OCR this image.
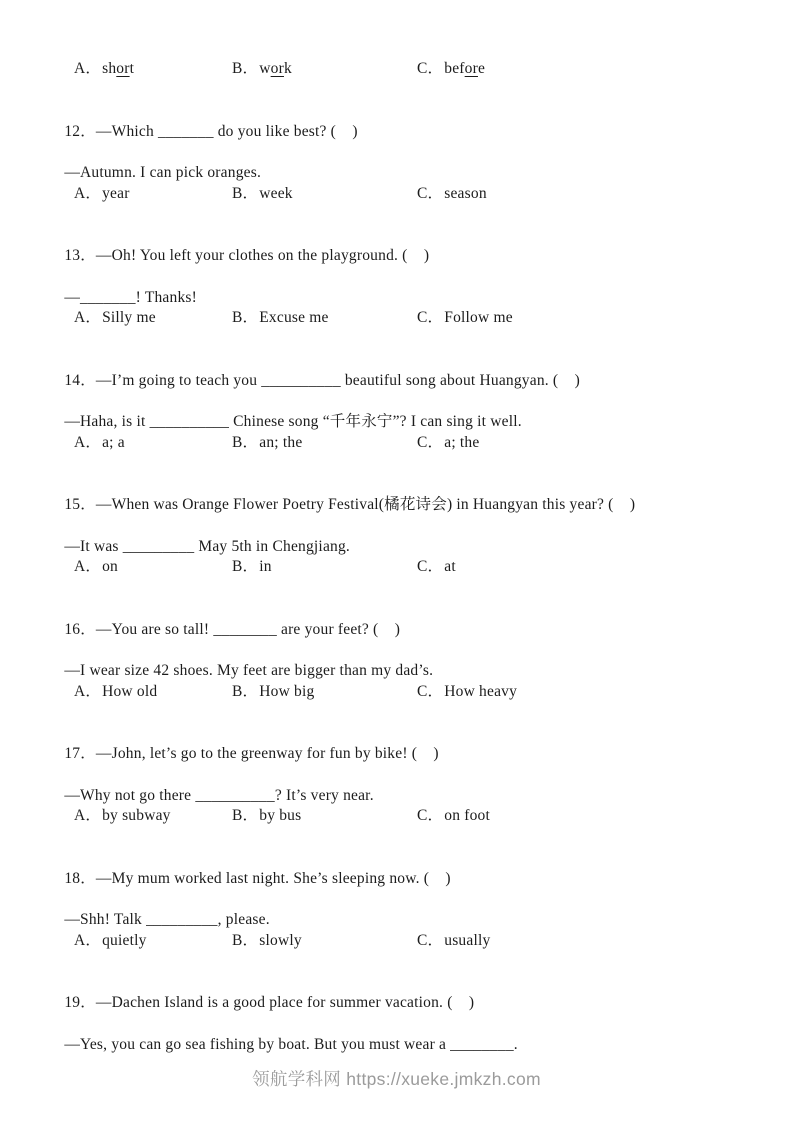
A．short	B．work	C．before

12．—Which _______ do you like best? (    )

—Autumn. I can pick oranges.

A．year	B．week	C．season

13．—Oh! You left your clothes on the playground. (    )

—_______! Thanks!

A．Silly me	B．Excuse me	C．Follow me

14．—I’m going to teach you __________ beautiful song about Huangyan. (    )

—Haha, is it __________ Chinese song “千年永宁”? I can sing it well.

A．a; a	B．an; the	C．a; the

15．—When was Orange Flower Poetry Festival(橘花诗会) in Huangyan this year? (    )

—It was _________ May 5th in Chengjiang.

A．on	B．in	C．at

16．—You are so tall! ________ are your feet? (    )

—I wear size 42 shoes. My feet are bigger than my dad’s.

A．How old	B．How big	C．How heavy

17．—John, let’s go to the greenway for fun by bike! (    )

—Why not go there __________? It’s very near.

A．by subway	B．by bus	C．on foot

18．—My mum worked last night. She’s sleeping now. (    )

—Shh! Talk _________, please.

A．quietly	B．slowly	C．usually

19．—Dachen Island is a good place for summer vacation. (    )

—Yes, you can go sea fishing by boat. But you must wear a ________.

领航学科网 https://xueke.jmkzh.com
